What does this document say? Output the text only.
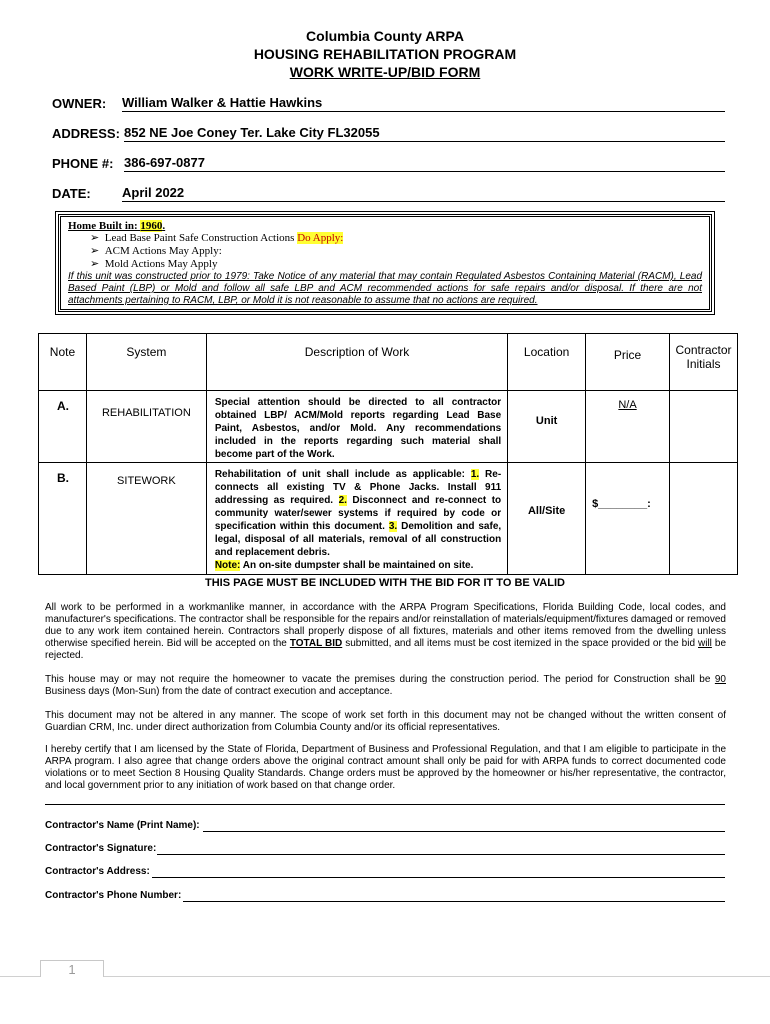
Columbia County ARPA
HOUSING REHABILITATION PROGRAM
WORK WRITE-UP/BID FORM
OWNER: William Walker & Hattie Hawkins
ADDRESS: 852 NE Joe Coney Ter. Lake City FL32055
PHONE #: 386-697-0877
DATE: April 2022
Home Built in: 1960.
➢ Lead Base Paint Safe Construction Actions Do Apply:
➢ ACM Actions May Apply:
➢ Mold Actions May Apply
If this unit was constructed prior to 1979: Take Notice of any material that may contain Regulated Asbestos Containing Material (RACM), Lead Based Paint (LBP) or Mold and follow all safe LBP and ACM recommended actions for safe repairs and/or disposal. If there are not attachments pertaining to RACM, LBP, or Mold it is not reasonable to assume that no actions are required.
Note	System	Description of Work	Location	Price	Contractor Initials
A.	REHABILITATION	Special attention should be directed to all contractor obtained LBP/ ACM/Mold reports regarding Lead Base Paint, Asbestos, and/or Mold. Any recommendations included in the reports regarding such material shall become part of the Work.	Unit	N/A	
B.	SITEWORK	Rehabilitation of unit shall include as applicable: 1. Re-connects all existing TV & Phone Jacks. Install 911 addressing as required. 2. Disconnect and re-connect to community water/sewer systems if required by code or specification within this document. 3. Demolition and safe, legal, disposal of all materials, removal of all construction and replacement debris.
Note: An on-site dumpster shall be maintained on site.	All/Site	$________:	
THIS PAGE MUST BE INCLUDED WITH THE BID FOR IT TO BE VALID
All work to be performed in a workmanlike manner, in accordance with the ARPA Program Specifications, Florida Building Code, local codes, and manufacturer's specifications. The contractor shall be responsible for the repairs and/or reinstallation of materials/equipment/fixtures damaged or removed due to any work item contained herein. Contractors shall properly dispose of all fixtures, materials and other items removed from the dwelling unless otherwise specified herein. Bid will be accepted on the TOTAL BID submitted, and all items must be cost itemized in the space provided or the bid will be rejected.
This house may or may not require the homeowner to vacate the premises during the construction period. The period for Construction shall be 90 Business days (Mon-Sun) from the date of contract execution and acceptance.
This document may not be altered in any manner. The scope of work set forth in this document may not be changed without the written consent of Guardian CRM, Inc. under direct authorization from Columbia County and/or its official representatives.
I hereby certify that I am licensed by the State of Florida, Department of Business and Professional Regulation, and that I am eligible to participate in the ARPA program. I also agree that change orders above the original contract amount shall only be paid for with ARPA funds to correct documented code violations or to meet Section 8 Housing Quality Standards. Change orders must be approved by the homeowner or his/her representative, the contractor, and local government prior to any initiation of work based on that change order.
Contractor's Name (Print Name):
Contractor's Signature:
Contractor's Address:
Contractor's Phone Number:
1
